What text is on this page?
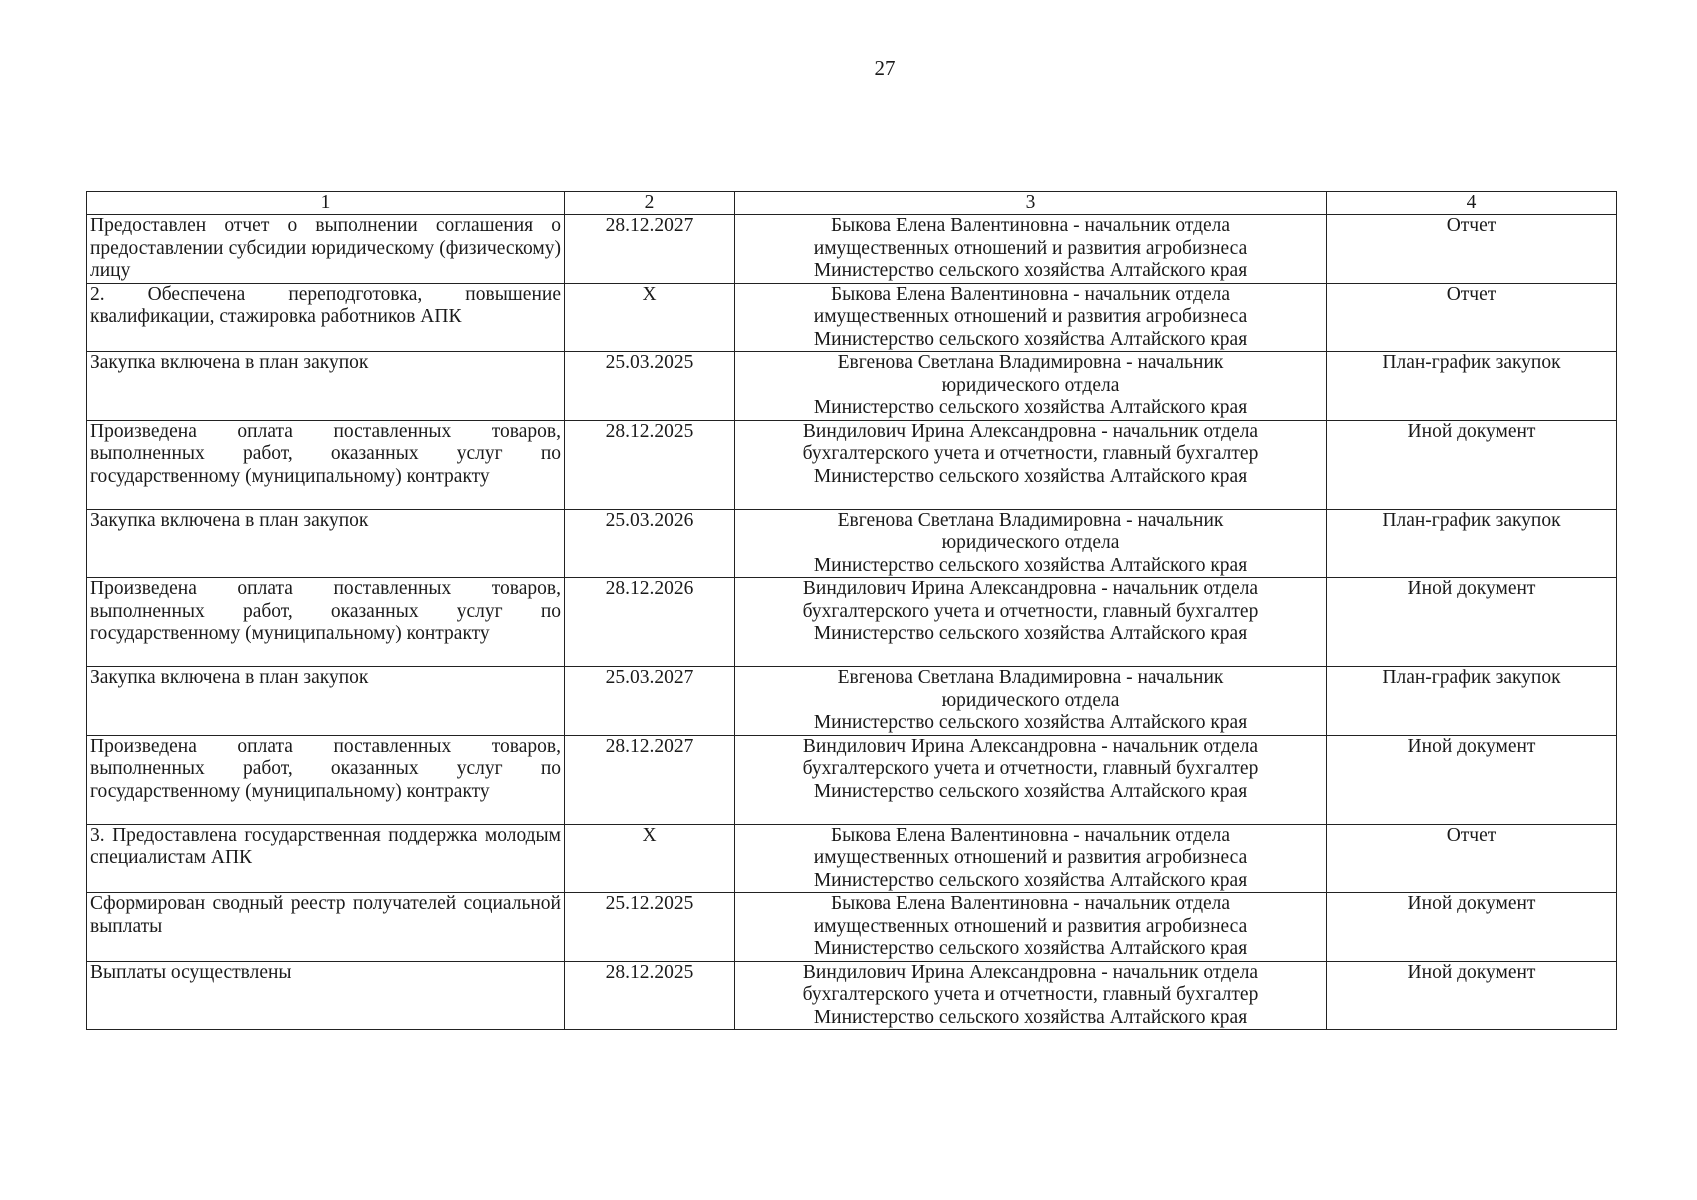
27
1	2	3	4
Предоставлен отчет о выполнении соглашения о предоставлении субсидии юридическому (физическому) лицу	28.12.2027	Быкова Елена Валентиновна - начальник отдела
имущественных отношений и развития агробизнеса
Министерство сельского хозяйства Алтайского края	Отчет
2. Обеспечена переподготовка, повышение квалификации, стажировка работников АПК	X	Быкова Елена Валентиновна - начальник отдела
имущественных отношений и развития агробизнеса
Министерство сельского хозяйства Алтайского края	Отчет
Закупка включена в план закупок	25.03.2025	Евгенова Светлана Владимировна - начальник
юридического отдела
Министерство сельского хозяйства Алтайского края	План-график закупок
Произведена оплата поставленных товаров, выполненных работ, оказанных услуг по государственному (муниципальному) контракту	28.12.2025	Виндилович Ирина Александровна - начальник отдела
бухгалтерского учета и отчетности, главный бухгалтер
Министерство сельского хозяйства Алтайского края	Иной документ
Закупка включена в план закупок	25.03.2026	Евгенова Светлана Владимировна - начальник
юридического отдела
Министерство сельского хозяйства Алтайского края	План-график закупок
Произведена оплата поставленных товаров, выполненных работ, оказанных услуг по государственному (муниципальному) контракту	28.12.2026	Виндилович Ирина Александровна - начальник отдела
бухгалтерского учета и отчетности, главный бухгалтер
Министерство сельского хозяйства Алтайского края	Иной документ
Закупка включена в план закупок	25.03.2027	Евгенова Светлана Владимировна - начальник
юридического отдела
Министерство сельского хозяйства Алтайского края	План-график закупок
Произведена оплата поставленных товаров, выполненных работ, оказанных услуг по государственному (муниципальному) контракту	28.12.2027	Виндилович Ирина Александровна - начальник отдела
бухгалтерского учета и отчетности, главный бухгалтер
Министерство сельского хозяйства Алтайского края	Иной документ
3. Предоставлена государственная поддержка молодым специалистам АПК	X	Быкова Елена Валентиновна - начальник отдела
имущественных отношений и развития агробизнеса
Министерство сельского хозяйства Алтайского края	Отчет
Сформирован сводный реестр получателей социальной выплаты	25.12.2025	Быкова Елена Валентиновна - начальник отдела
имущественных отношений и развития агробизнеса
Министерство сельского хозяйства Алтайского края	Иной документ
Выплаты осуществлены	28.12.2025	Виндилович Ирина Александровна - начальник отдела
бухгалтерского учета и отчетности, главный бухгалтер
Министерство сельского хозяйства Алтайского края	Иной документ
